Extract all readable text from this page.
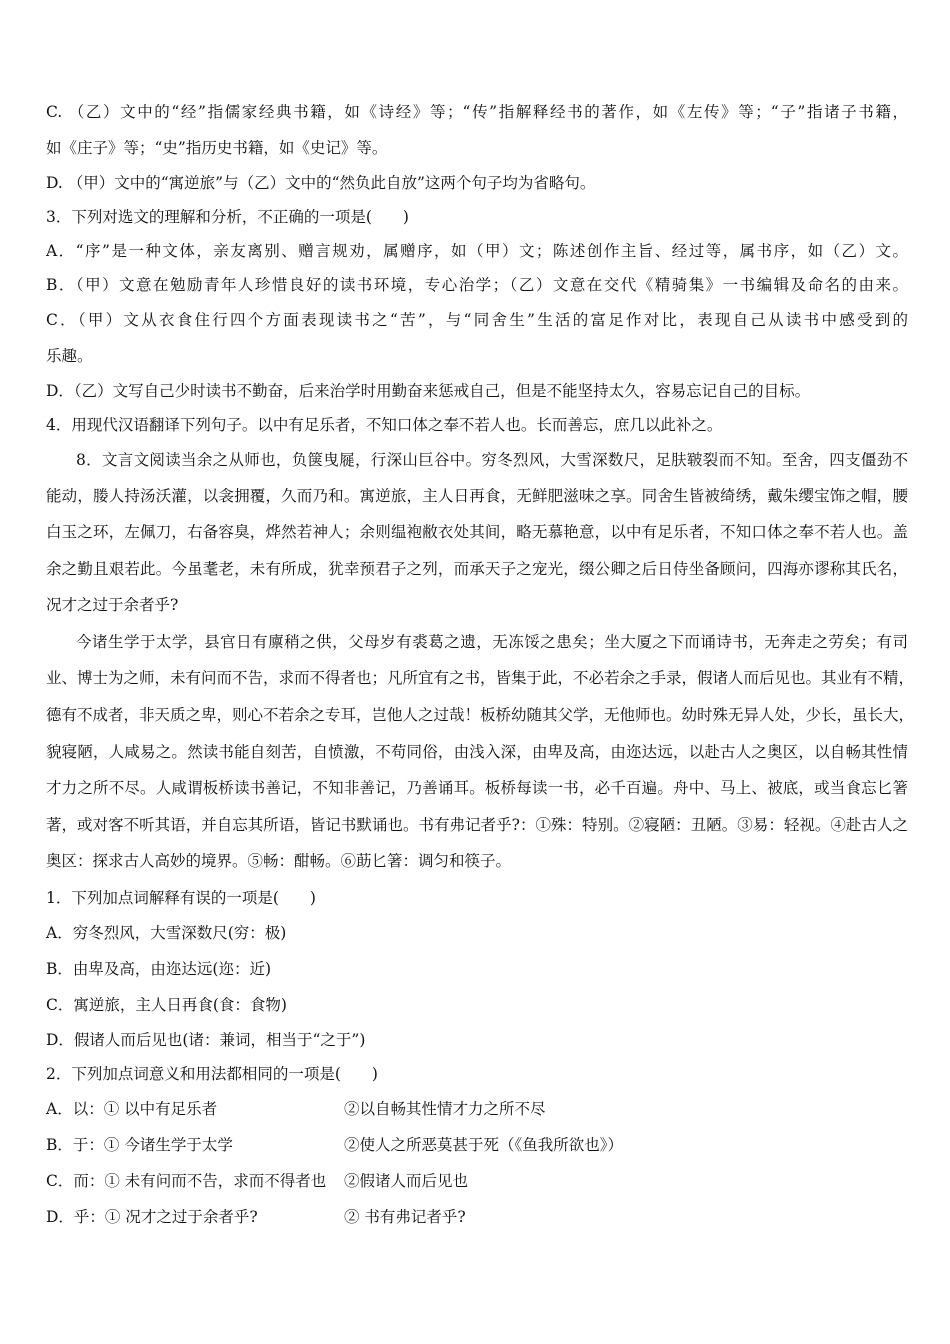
C. （乙）文中的“经”指儒家经典书籍，如《诗经》等；“传”指解释经书的著作，如《左传》等；“子”指诸子书籍，
如《庄子》等；“史”指历史书籍，如《史记》等。
D. （甲）文中的“寓逆旅”与（乙）文中的“然负此自放”这两个句子均为省略句。
3．下列对选文的理解和分析，不正确的一项是(　　)
A．“序”是一种文体，亲友离别、赠言规劝，属赠序，如（甲）文；陈述创作主旨、经过等，属书序，如（乙）文。
B．（甲）文意在勉励青年人珍惜良好的读书环境，专心治学；（乙）文意在交代《精骑集》一书编辑及命名的由来。
C．（甲）文从衣食住行四个方面表现读书之“苦”，与“同舍生”生活的富足作对比，表现自己从读书中感受到的
乐趣。
D．（乙）文写自己少时读书不勤奋，后来治学时用勤奋来惩戒自己，但是不能坚持太久，容易忘记自己的目标。
4．用现代汉语翻译下列句子。以中有足乐者，不知口体之奉不若人也。长而善忘，庶几以此补之。
8．文言文阅读当余之从师也，负箧曳屣，行深山巨谷中。穷冬烈风，大雪深数尺，足肤皲裂而不知。至舍，四支僵劲不
能动，媵人持汤沃灌，以衾拥覆，久而乃和。寓逆旅，主人日再食，无鲜肥滋味之享。同舍生皆被绮绣，戴朱缨宝饰之帽，腰
白玉之环，左佩刀，右备容臭，烨然若神人；余则缊袍敝衣处其间，略无慕艳意，以中有足乐者，不知口体之奉不若人也。盖
余之勤且艰若此。今虽耄老，未有所成，犹幸预君子之列，而承天子之宠光，缀公卿之后日侍坐备顾问，四海亦谬称其氏名，
况才之过于余者乎?
今诸生学于太学，县官日有廪稍之供，父母岁有裘葛之遗，无冻馁之患矣；坐大厦之下而诵诗书，无奔走之劳矣；有司
业、博士为之师，未有问而不告，求而不得者也；凡所宜有之书，皆集于此，不必若余之手录，假诸人而后见也。其业有不精，
德有不成者，非天质之卑，则心不若余之专耳，岂他人之过哉！板桥幼随其父学，无他师也。幼时殊无异人处，少长，虽长大，
貌寝陋，人咸易之。然读书能自刻苦，自愤激，不苟同俗，由浅入深，由卑及高，由迩达远，以赴古人之奥区，以自畅其性情
才力之所不尽。人咸谓板桥读书善记，不知非善记，乃善诵耳。板桥每读一书，必千百遍。舟中、马上、被底，或当食忘匕箸
著，或对客不听其语，并自忘其所语，皆记书默诵也。书有弗记者乎?：①殊：特别。②寝陋：丑陋。③易：轻视。④赴古人之
奥区：探求古人高妙的境界。⑤畅：酣畅。⑥莇匕箸：调匀和筷子。
1．下列加点词解释有误的一项是(　　)
A．穷冬烈风，大雪深数尺(穷：极)
B．由卑及高，由迩达远(迩：近)
C．寓逆旅，主人日再食(食：食物)
D．假诸人而后见也(诸：兼词，相当于“之于”)
2．下列加点词意义和用法都相同的一项是(　　)
A．以：① 以中有足乐者	②以自畅其性情才力之所不尽
B．于：① 今诸生学于太学	②使人之所恶莫甚于死（《鱼我所欲也》）
C．而：① 未有问而不告，求而不得者也 ②假诸人而后见也
D．乎：① 况才之过于余者乎?	② 书有弗记者乎?
